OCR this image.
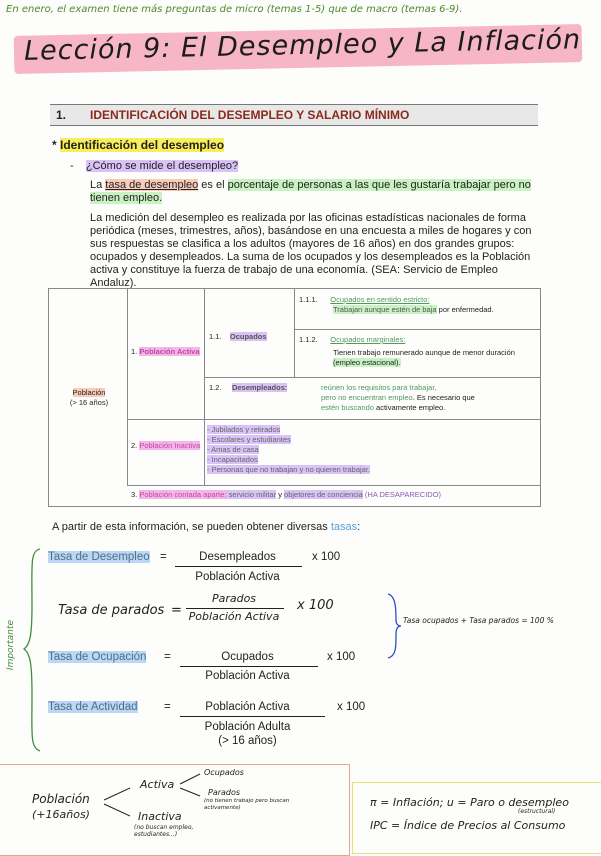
En enero, el examen tiene más preguntas de micro (temas 1-5) que de macro (temas 6-9).
Lección 9: El Desempleo y La Inflación
1. IDENTIFICACIÓN DEL DESEMPLEO Y SALARIO MÍNIMO
* Identificación del desempleo
-    ¿Cómo se mide el desempleo?
La tasa de desempleo es el porcentaje de personas a las que les gustaría trabajar pero no tienen empleo.
La medición del desempleo es realizada por las oficinas estadísticas nacionales de forma periódica (meses, trimestres, años), basándose en una encuesta a miles de hogares y con sus respuestas se clasifica a los adultos (mayores de 16 años) en dos grandes grupos: ocupados y desempleados. La suma de los ocupados y los desempleados es la Población activa y constituye la fuerza de trabajo de una economía. (SEA: Servicio de Empleo Andaluz).
Población
(> 16 años)
1. Población Activa
1.1. Ocupados
1.1.1. Ocupados en sentido estricto:
Trabajan aunque estén de baja por enfermedad.
1.1.2. Ocupados marginales:

Tienen trabajo remunerado aunque de menor duración (empleo estacional).
1.2. Desempleados:	reúnen los requisitos para trabajar,
pero no encuentran empleo. Es necesario que
estén buscando activamente empleo.
2. Población Inactiva
- Jubilados y retirados
- Escolares y estudiantes
- Amas de casa
- Incapacitados
- Personas que no trabajan y no quieren trabajar.
3. Población contada aparte: servicio militar y objetores de conciencia (HA DESAPARECIDO)
A partir de esta información, se pueden obtener diversas tasas:
Importante
Tasa de Desempleo =	Desempleados
Población Activa
x 100
Tasa de parados =
Parados
Población Activa
x 100
Tasa de Ocupación =	Ocupados
Población Activa
x 100
Tasa de Actividad =	Población Activa
Población Adulta
(> 16 años)
x 100
Tasa ocupados + Tasa parados = 100 %
Población
(+16años)
Activa
Inactiva
(no buscan empleo, estudiantes...)
Ocupados
Parados
(no tienen trabajo pero buscan activamente)	π = Inflación; u = Paro o desempleo
(estructural)
IPC = Índice de Precios al Consumo
